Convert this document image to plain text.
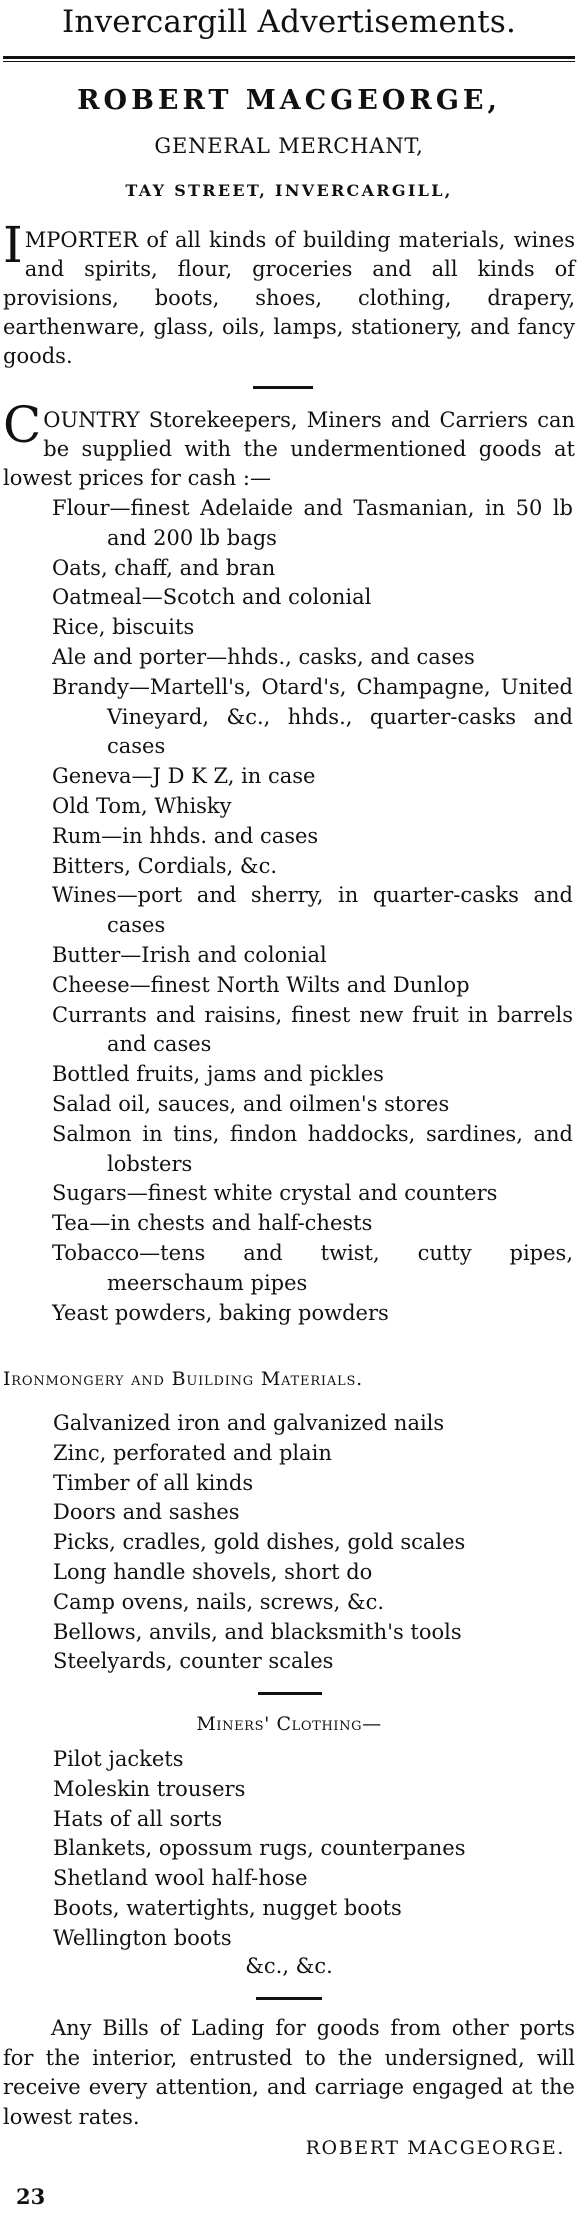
Invercargill Advertisements.
ROBERT MACGEORGE,
GENERAL MERCHANT,
TAY STREET, INVERCARGILL,

IMPORTER of all kinds of building materials, wines and spirits, flour, groceries and all kinds of provisions, boots, shoes, clothing, drapery, earthenware, glass, oils, lamps, stationery, and fancy goods.

COUNTRY Storekeepers, Miners and Carriers can be supplied with the undermentioned goods at lowest prices for cash :—

Flour—finest Adelaide and Tasmanian, in 50 lb and 200 lb bags
Oats, chaff, and bran
Oatmeal—Scotch and colonial
Rice, biscuits
Ale and porter—hhds., casks, and cases
Brandy—Martell's, Otard's, Champagne, United Vineyard, &c., hhds., quarter-casks and cases
Geneva—J D K Z, in case
Old Tom, Whisky
Rum—in hhds. and cases
Bitters, Cordials, &c.
Wines—port and sherry, in quarter-casks and cases
Butter—Irish and colonial
Cheese—finest North Wilts and Dunlop
Currants and raisins, finest new fruit in barrels and cases
Bottled fruits, jams and pickles
Salad oil, sauces, and oilmen's stores
Salmon in tins, findon haddocks, sardines, and lobsters
Sugars—finest white crystal and counters
Tea—in chests and half-chests
Tobacco—tens and twist, cutty pipes, meerschaum pipes
Yeast powders, baking powders
Ironmongery and Building Materials.
Galvanized iron and galvanized nails
Zinc, perforated and plain
Timber of all kinds
Doors and sashes
Picks, cradles, gold dishes, gold scales
Long handle shovels, short do
Camp ovens, nails, screws, &c.
Bellows, anvils, and blacksmith's tools
Steelyards, counter scales
Miners' Clothing—
Pilot jackets
Moleskin trousers
Hats of all sorts
Blankets, opossum rugs, counterpanes
Shetland wool half-hose
Boots, watertights, nugget boots
Wellington boots
&c., &c.

Any Bills of Lading for goods from other ports for the interior, entrusted to the undersigned, will receive every attention, and carriage engaged at the lowest rates.

ROBERT MACGEORGE.
23
